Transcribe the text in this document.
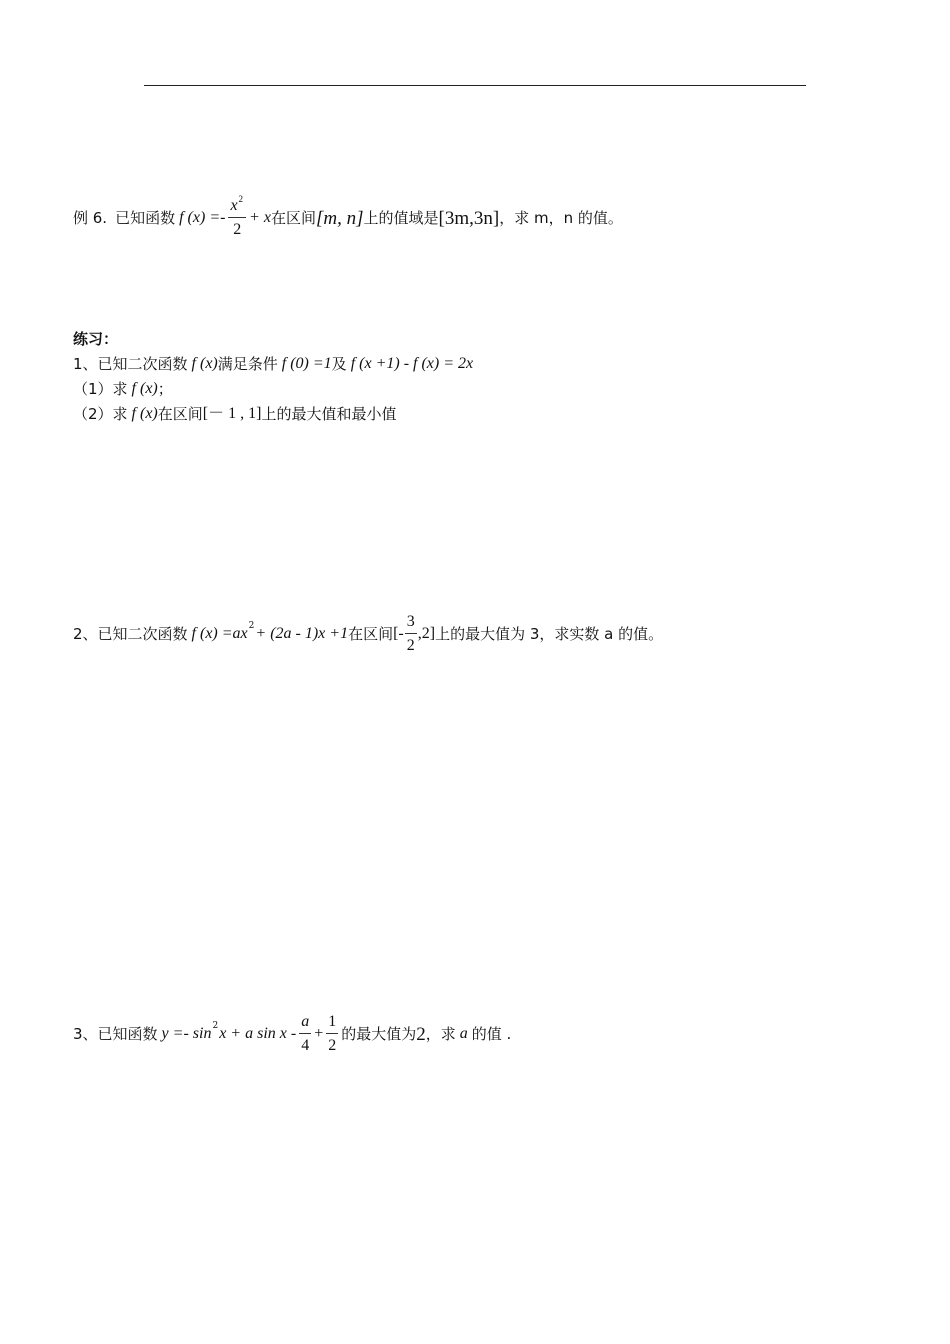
例 6. 已知函数 f $(x) =- \frac{x^2}{2} + x$ 在区间 [m, n] 上的值域是 [3m,3n] ，求 m，n 的值。
练习：
1、已知二次函数 f (x) 满足条件 f (0) =1 及 f (x +1) - f (x) = 2x
（1）求 f (x) ；
（2）求 f (x) 在区间 [－ 1 , 1] 上的最大值和最小值
2、已知二次函数 f (x) =ax 2 + (2a - 1)x +1 在区间 [- $\frac{3}{2} ,2$] 上的最大值为 3，求实数 a 的值。
3、已知函数 y =- sin 2 x + a $\sin x - \frac{a}{4} + \frac{1}{2}$ 的最大值为 2 ，求 a 的值 .
